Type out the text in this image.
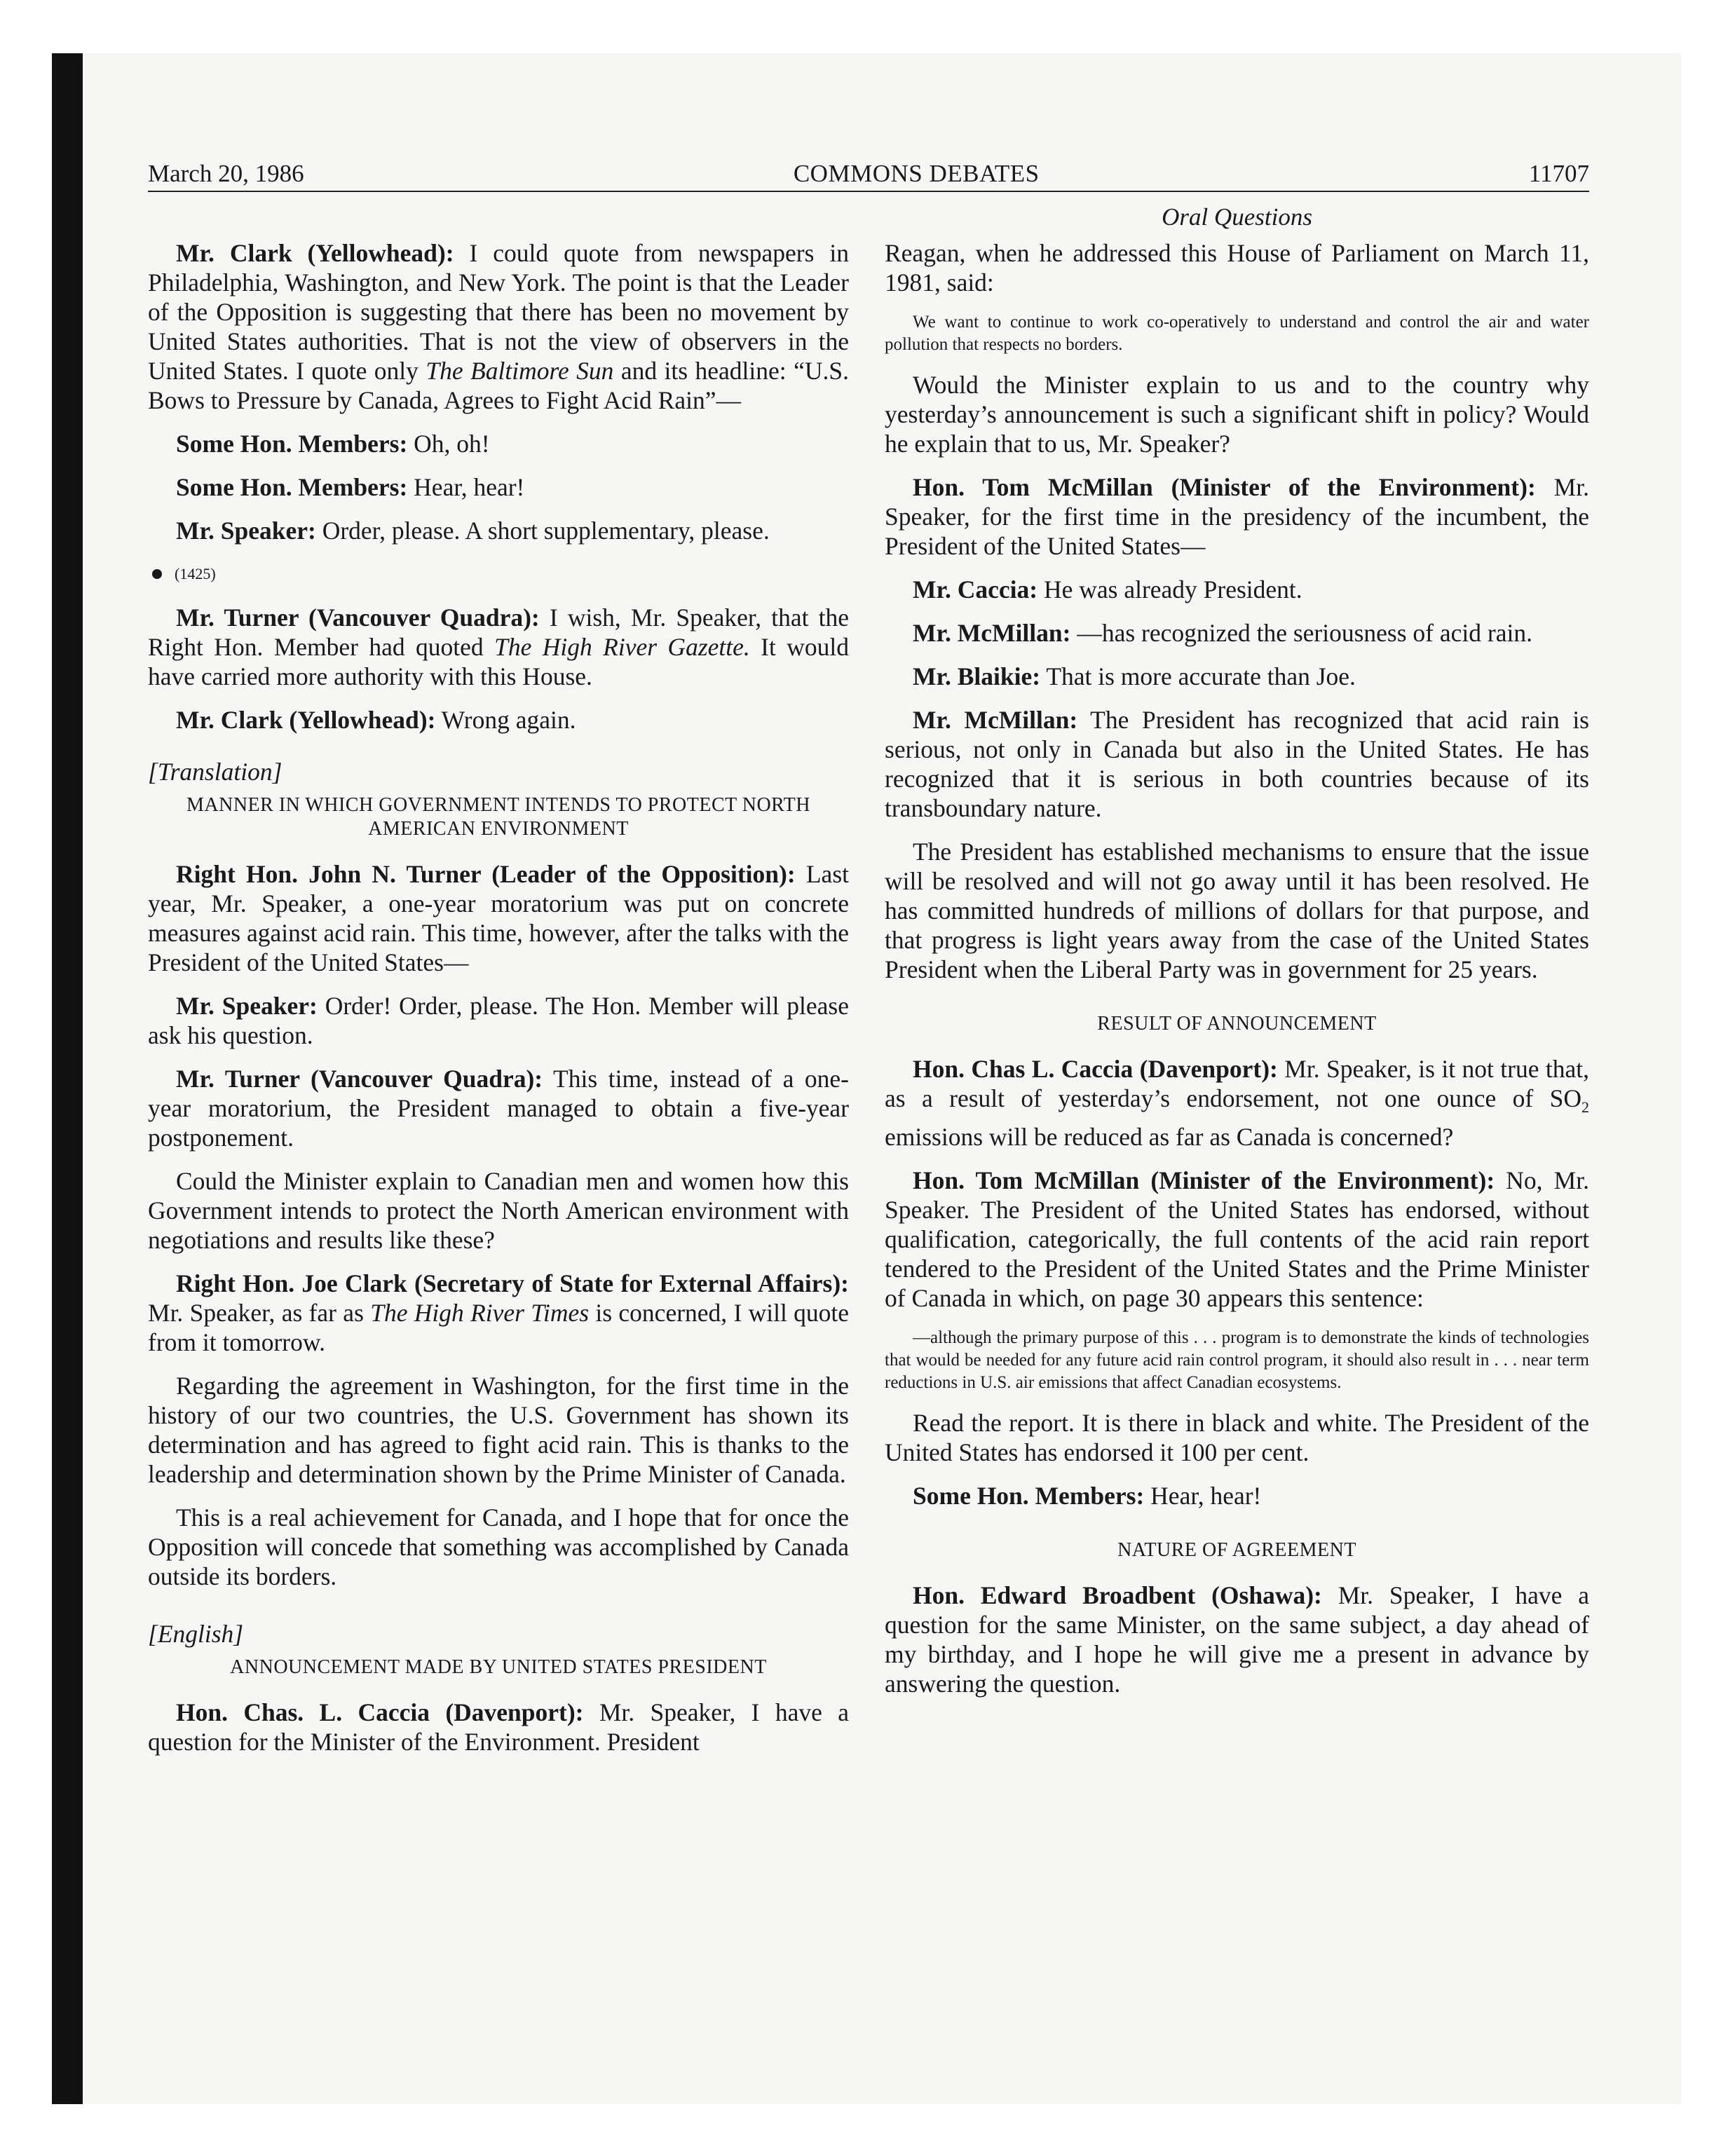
March 20, 1986	COMMONS DEBATES	11707
Oral Questions

Mr. Clark (Yellowhead): I could quote from newspapers in Philadelphia, Washington, and New York. The point is that the Leader of the Opposition is suggesting that there has been no movement by United States authorities. That is not the view of observers in the United States. I quote only The Baltimore Sun and its headline: “U.S. Bows to Pressure by Canada, Agrees to Fight Acid Rain”—

Some Hon. Members: Oh, oh!

Some Hon. Members: Hear, hear!

Mr. Speaker: Order, please. A short supplementary, please.

(1425)

Mr. Turner (Vancouver Quadra): I wish, Mr. Speaker, that the Right Hon. Member had quoted The High River Gazette. It would have carried more authority with this House.

Mr. Clark (Yellowhead): Wrong again.

[Translation]

MANNER IN WHICH GOVERNMENT INTENDS TO PROTECT NORTH AMERICAN ENVIRONMENT

Right Hon. John N. Turner (Leader of the Opposition): Last year, Mr. Speaker, a one-year moratorium was put on concrete measures against acid rain. This time, however, after the talks with the President of the United States—

Mr. Speaker: Order! Order, please. The Hon. Member will please ask his question.

Mr. Turner (Vancouver Quadra): This time, instead of a one-year moratorium, the President managed to obtain a five-year postponement.

Could the Minister explain to Canadian men and women how this Government intends to protect the North American environment with negotiations and results like these?

Right Hon. Joe Clark (Secretary of State for External Affairs): Mr. Speaker, as far as The High River Times is concerned, I will quote from it tomorrow.

Regarding the agreement in Washington, for the first time in the history of our two countries, the U.S. Government has shown its determination and has agreed to fight acid rain. This is thanks to the leadership and determination shown by the Prime Minister of Canada.

This is a real achievement for Canada, and I hope that for once the Opposition will concede that something was accomplished by Canada outside its borders.

[English]

ANNOUNCEMENT MADE BY UNITED STATES PRESIDENT

Hon. Chas. L. Caccia (Davenport): Mr. Speaker, I have a question for the Minister of the Environment. President

Reagan, when he addressed this House of Parliament on March 11, 1981, said:

We want to continue to work co-operatively to understand and control the air and water pollution that respects no borders.

Would the Minister explain to us and to the country why yesterday’s announcement is such a significant shift in policy? Would he explain that to us, Mr. Speaker?

Hon. Tom McMillan (Minister of the Environment): Mr. Speaker, for the first time in the presidency of the incumbent, the President of the United States—

Mr. Caccia: He was already President.

Mr. McMillan: —has recognized the seriousness of acid rain.

Mr. Blaikie: That is more accurate than Joe.

Mr. McMillan: The President has recognized that acid rain is serious, not only in Canada but also in the United States. He has recognized that it is serious in both countries because of its transboundary nature.

The President has established mechanisms to ensure that the issue will be resolved and will not go away until it has been resolved. He has committed hundreds of millions of dollars for that purpose, and that progress is light years away from the case of the United States President when the Liberal Party was in government for 25 years.

RESULT OF ANNOUNCEMENT

Hon. Chas L. Caccia (Davenport): Mr. Speaker, is it not true that, as a result of yesterday’s endorsement, not one ounce of $SO_2$ emissions will be reduced as far as Canada is concerned?

Hon. Tom McMillan (Minister of the Environment): No, Mr. Speaker. The President of the United States has endorsed, without qualification, categorically, the full contents of the acid rain report tendered to the President of the United States and the Prime Minister of Canada in which, on page 30 appears this sentence:

—although the primary purpose of this . . . program is to demonstrate the kinds of technologies that would be needed for any future acid rain control program, it should also result in . . . near term reductions in U.S. air emissions that affect Canadian ecosystems.

Read the report. It is there in black and white. The President of the United States has endorsed it 100 per cent.

Some Hon. Members: Hear, hear!

NATURE OF AGREEMENT

Hon. Edward Broadbent (Oshawa): Mr. Speaker, I have a question for the same Minister, on the same subject, a day ahead of my birthday, and I hope he will give me a present in advance by answering the question.
